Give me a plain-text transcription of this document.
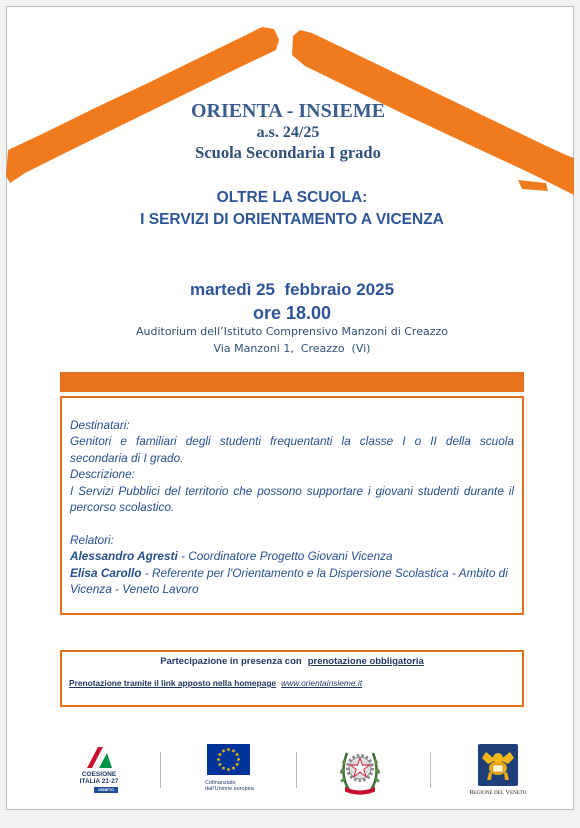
ORIENTA - INSIEME
a.s. 24/25
Scuola Secondaria I grado
OLTRE LA SCUOLA:
I SERVIZI DI ORIENTAMENTO A VICENZA
martedì 25  febbraio 2025
ore 18.00
Auditorium dell’Istituto Comprensivo Manzoni di Creazzo
Via Manzoni 1,  Creazzo  (Vi)
Destinatari:
Genitori e familiari degli studenti frequentanti la classe I o II della scuola
secondaria di I grado.
Descrizione:
I Servizi Pubblici del territorio che possono supportare i giovani studenti durante il
percorso scolastico.
Relatori:
Alessandro Agresti - Coordinatore Progetto Giovani Vicenza
Elisa Carollo - Referente per l'Orientamento e la Dispersione Scolastica - Ambito di
Vicenza - Veneto Lavoro
Partecipazione in presenza con prenotazione obbligatoria
Prenotazione tramite il link apposto nella homepage www.orientainsieme.it
COESIONE
ITALIA 21-27
VENETO
Cofinanziato
dall'Unione europea	Regione del Veneto
